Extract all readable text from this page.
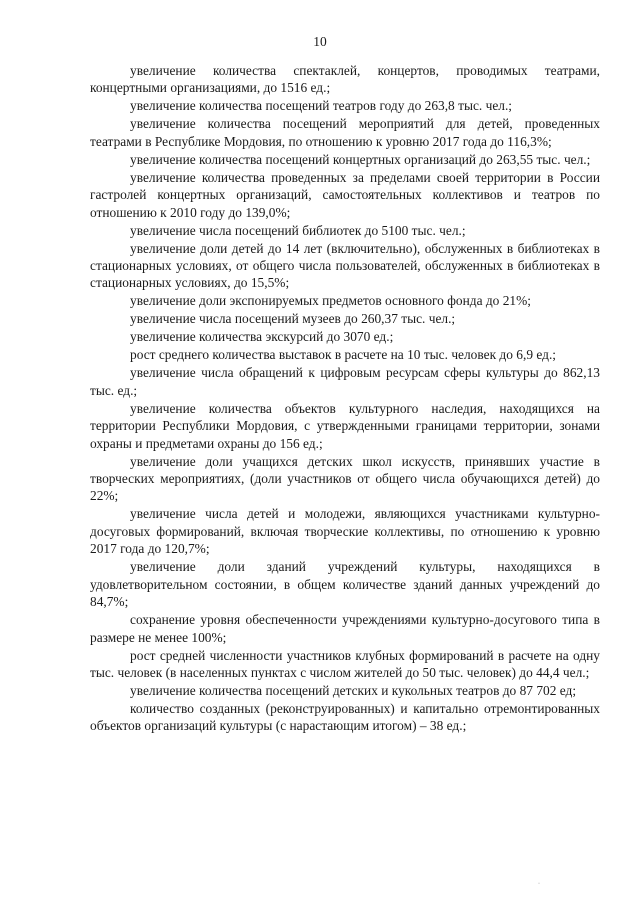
10

увеличение количества спектаклей, концертов, проводимых театрами, концертными организациями, до 1516 ед.;

увеличение количества посещений театров году до 263,8 тыс. чел.;

увеличение количества посещений мероприятий для детей, проведенных театрами в Республике Мордовия, по отношению к уровню 2017 года до 116,3%;

увеличение количества посещений концертных организаций до 263,55 тыс. чел.;

увеличение количества проведенных за пределами своей территории в России гастролей концертных организаций, самостоятельных коллективов и театров по отношению к 2010 году до 139,0%;

увеличение числа посещений библиотек до 5100 тыс. чел.;

увеличение доли детей до 14 лет (включительно), обслуженных в библиотеках в стационарных условиях, от общего числа пользователей, обслуженных в библиотеках в стационарных условиях, до 15,5%;

увеличение доли экспонируемых предметов основного фонда до 21%;

увеличение числа посещений музеев до 260,37 тыс. чел.;

увеличение количества экскурсий до 3070 ед.;

рост среднего количества выставок в расчете на 10 тыс. человек до 6,9 ед.;

увеличение числа обращений к цифровым ресурсам сферы культуры до 862,13 тыс. ед.;

увеличение количества объектов культурного наследия, находящихся на территории Республики Мордовия, с утвержденными границами территории, зонами охраны и предметами охраны до 156 ед.;

увеличение доли учащихся детских школ искусств, принявших участие в творческих мероприятиях, (доли участников от общего числа обучающихся детей) до 22%;

увеличение числа детей и молодежи, являющихся участниками культурно-досуговых формирований, включая творческие коллективы, по отношению к уровню 2017 года до 120,7%;

увеличение доли зданий учреждений культуры, находящихся в удовлетворительном состоянии, в общем количестве зданий данных учреждений до 84,7%;

сохранение уровня обеспеченности учреждениями культурно-досугового типа в размере не менее 100%;

рост средней численности участников клубных формирований в расчете на одну тыс. человек (в населенных пунктах с числом жителей до 50 тыс. человек) до 44,4 чел.;

увеличение количества посещений детских и кукольных театров до 87 702 ед;

количество созданных (реконструированных) и капитально отремонтированных объектов организаций культуры (с нарастающим итогом) – 38 ед.;

·
